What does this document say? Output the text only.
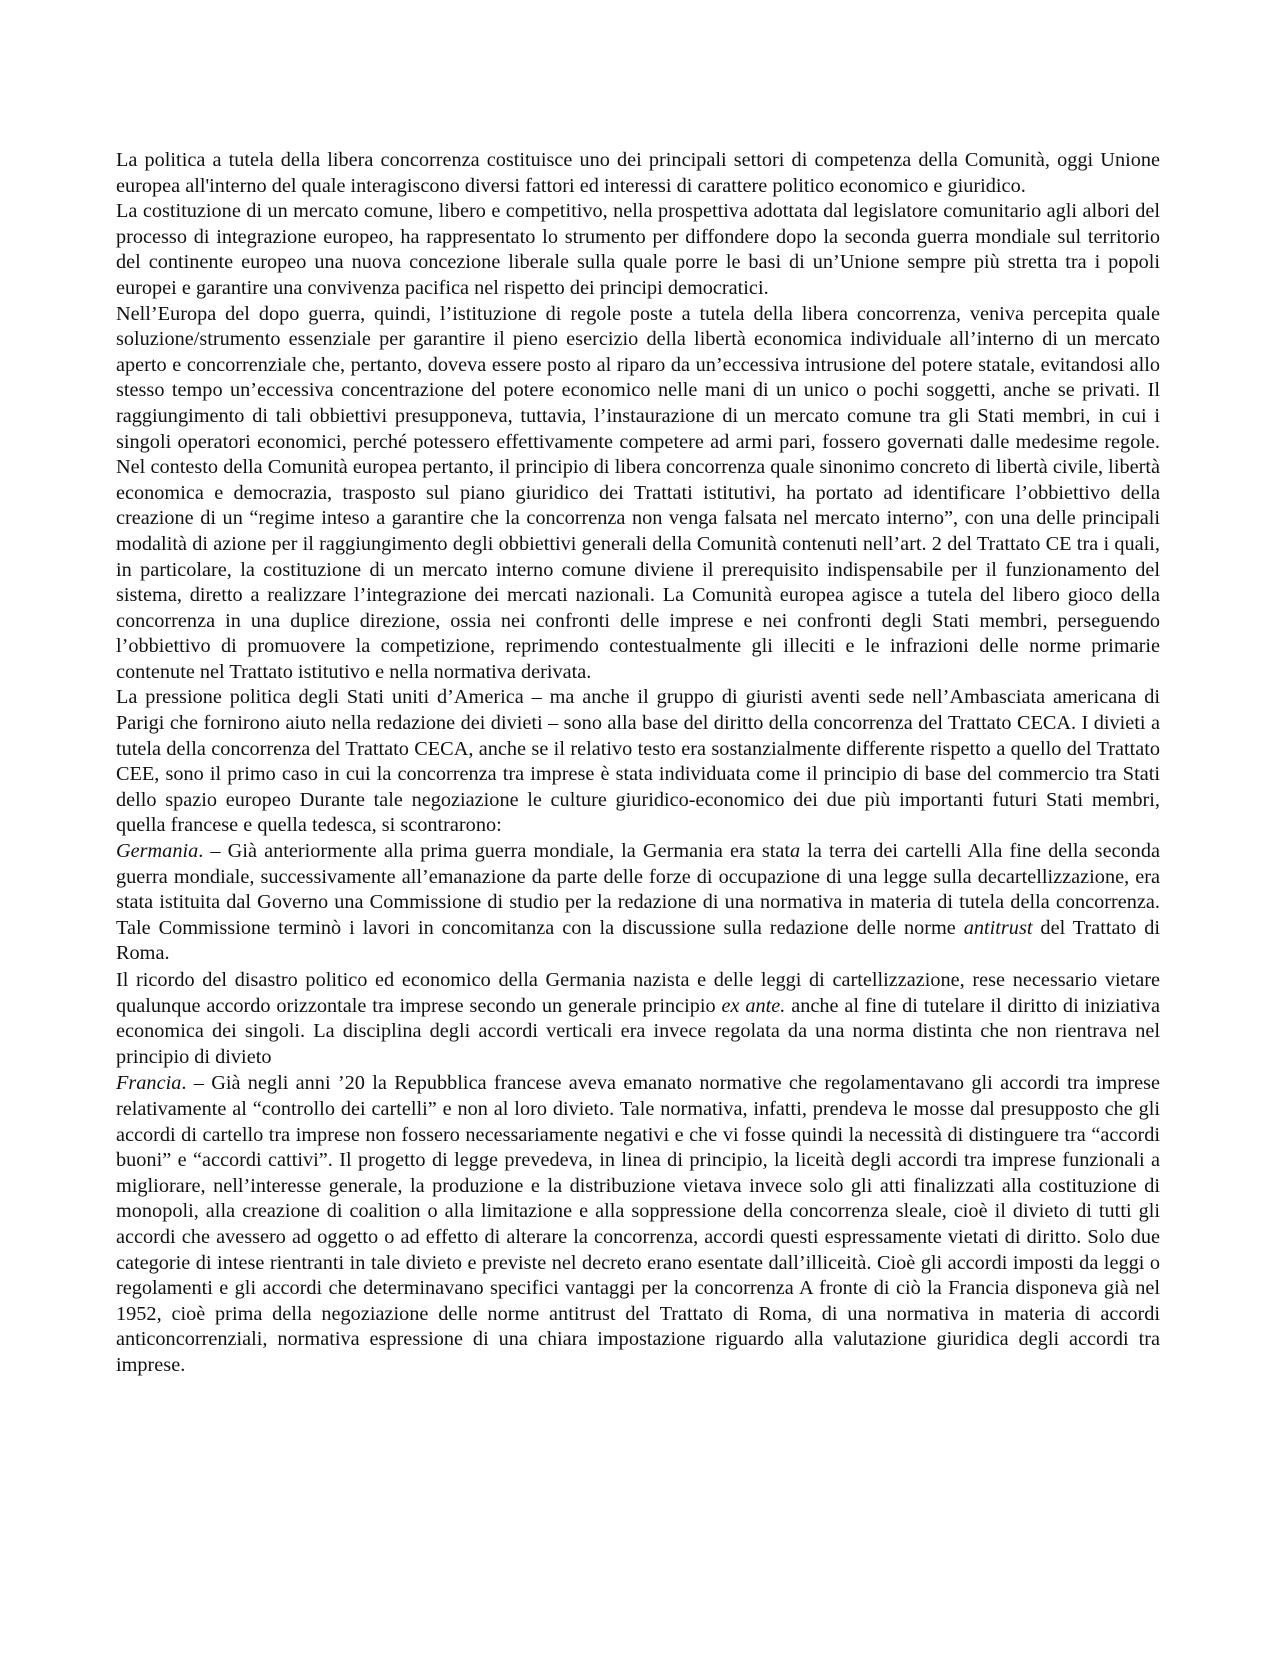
La politica a tutela della libera concorrenza costituisce uno dei principali settori di competenza della Comunità, oggi Unione europea all'interno del quale interagiscono diversi fattori ed interessi di carattere politico economico e giuridico.

La costituzione di un mercato comune, libero e competitivo, nella prospettiva adottata dal legislatore comunitario agli albori del processo di integrazione europeo, ha rappresentato lo strumento per diffondere dopo la seconda guerra mondiale sul territorio del continente europeo una nuova concezione liberale sulla quale porre le basi di un’Unione sempre più stretta tra i popoli europei e garantire una convivenza pacifica nel rispetto dei principi democratici.

Nell’Europa del dopo guerra, quindi, l’istituzione di regole poste a tutela della libera concorrenza, veniva percepita quale soluzione/strumento essenziale per garantire il pieno esercizio della libertà economica individuale all’interno di un mercato aperto e concorrenziale che, pertanto, doveva essere posto al riparo da un’eccessiva intrusione del potere statale, evitandosi allo stesso tempo un’eccessiva concentrazione del potere economico nelle mani di un unico o pochi soggetti, anche se privati. Il raggiungimento di tali obbiettivi presupponeva, tuttavia, l’instaurazione di un mercato comune tra gli Stati membri, in cui i singoli operatori economici, perché potessero effettivamente competere ad armi pari, fossero governati dalle medesime regole. Nel contesto della Comunità europea pertanto, il principio di libera concorrenza quale sinonimo concreto di libertà civile, libertà economica e democrazia, trasposto sul piano giuridico dei Trattati istitutivi, ha portato ad identificare l’obbiettivo della creazione di un “regime inteso a garantire che la concorrenza non venga falsata nel mercato interno”, con una delle principali modalità di azione per il raggiungimento degli obbiettivi generali della Comunità contenuti nell’art. 2 del Trattato CE tra i quali, in particolare, la costituzione di un mercato interno comune diviene il prerequisito indispensabile per il funzionamento del sistema, diretto a realizzare l’integrazione dei mercati nazionali. La Comunità europea agisce a tutela del libero gioco della concorrenza in una duplice direzione, ossia nei confronti delle imprese e nei confronti degli Stati membri, perseguendo l’obbiettivo di promuovere la competizione, reprimendo contestualmente gli illeciti e le infrazioni delle norme primarie contenute nel Trattato istitutivo e nella normativa derivata.

La pressione politica degli Stati uniti d’America – ma anche il gruppo di giuristi aventi sede nell’Ambasciata americana di Parigi che fornirono aiuto nella redazione dei divieti – sono alla base del diritto della concorrenza del Trattato CECA. I divieti a tutela della concorrenza del Trattato CECA, anche se il relativo testo era sostanzialmente differente rispetto a quello del Trattato CEE, sono il primo caso in cui la concorrenza tra imprese è stata individuata come il principio di base del commercio tra Stati dello spazio europeo Durante tale negoziazione le culture giuridico-economico dei due più importanti futuri Stati membri, quella francese e quella tedesca, si scontrarono:

Germania. – Già anteriormente alla prima guerra mondiale, la Germania era stata la terra dei cartelli Alla fine della seconda guerra mondiale, successivamente all’emanazione da parte delle forze di occupazione di una legge sulla decartellizzazione, era stata istituita dal Governo una Commissione di studio per la redazione di una normativa in materia di tutela della concorrenza. Tale Commissione terminò i lavori in concomitanza con la discussione sulla redazione delle norme antitrust del Trattato di Roma.

Il ricordo del disastro politico ed economico della Germania nazista e delle leggi di cartellizzazione, rese necessario vietare qualunque accordo orizzontale tra imprese secondo un generale principio ex ante. anche al fine di tutelare il diritto di iniziativa economica dei singoli. La disciplina degli accordi verticali era invece regolata da una norma distinta che non rientrava nel principio di divieto

Francia. – Già negli anni ’20 la Repubblica francese aveva emanato normative che regolamentavano gli accordi tra imprese relativamente al “controllo dei cartelli” e non al loro divieto. Tale normativa, infatti, prendeva le mosse dal presupposto che gli accordi di cartello tra imprese non fossero necessariamente negativi e che vi fosse quindi la necessità di distinguere tra “accordi buoni” e “accordi cattivi”. Il progetto di legge prevedeva, in linea di principio, la liceità degli accordi tra imprese funzionali a migliorare, nell’interesse generale, la produzione e la distribuzione vietava invece solo gli atti finalizzati alla costituzione di monopoli, alla creazione di coalition o alla limitazione e alla soppressione della concorrenza sleale, cioè il divieto di tutti gli accordi che avessero ad oggetto o ad effetto di alterare la concorrenza, accordi questi espressamente vietati di diritto. Solo due categorie di intese rientranti in tale divieto e previste nel decreto erano esentate dall’illiceità. Cioè gli accordi imposti da leggi o regolamenti e gli accordi che determinavano specifici vantaggi per la concorrenza A fronte di ciò la Francia disponeva già nel 1952, cioè prima della negoziazione delle norme antitrust del Trattato di Roma, di una normativa in materia di accordi anticoncorrenziali, normativa espressione di una chiara impostazione riguardo alla valutazione giuridica degli accordi tra imprese.
